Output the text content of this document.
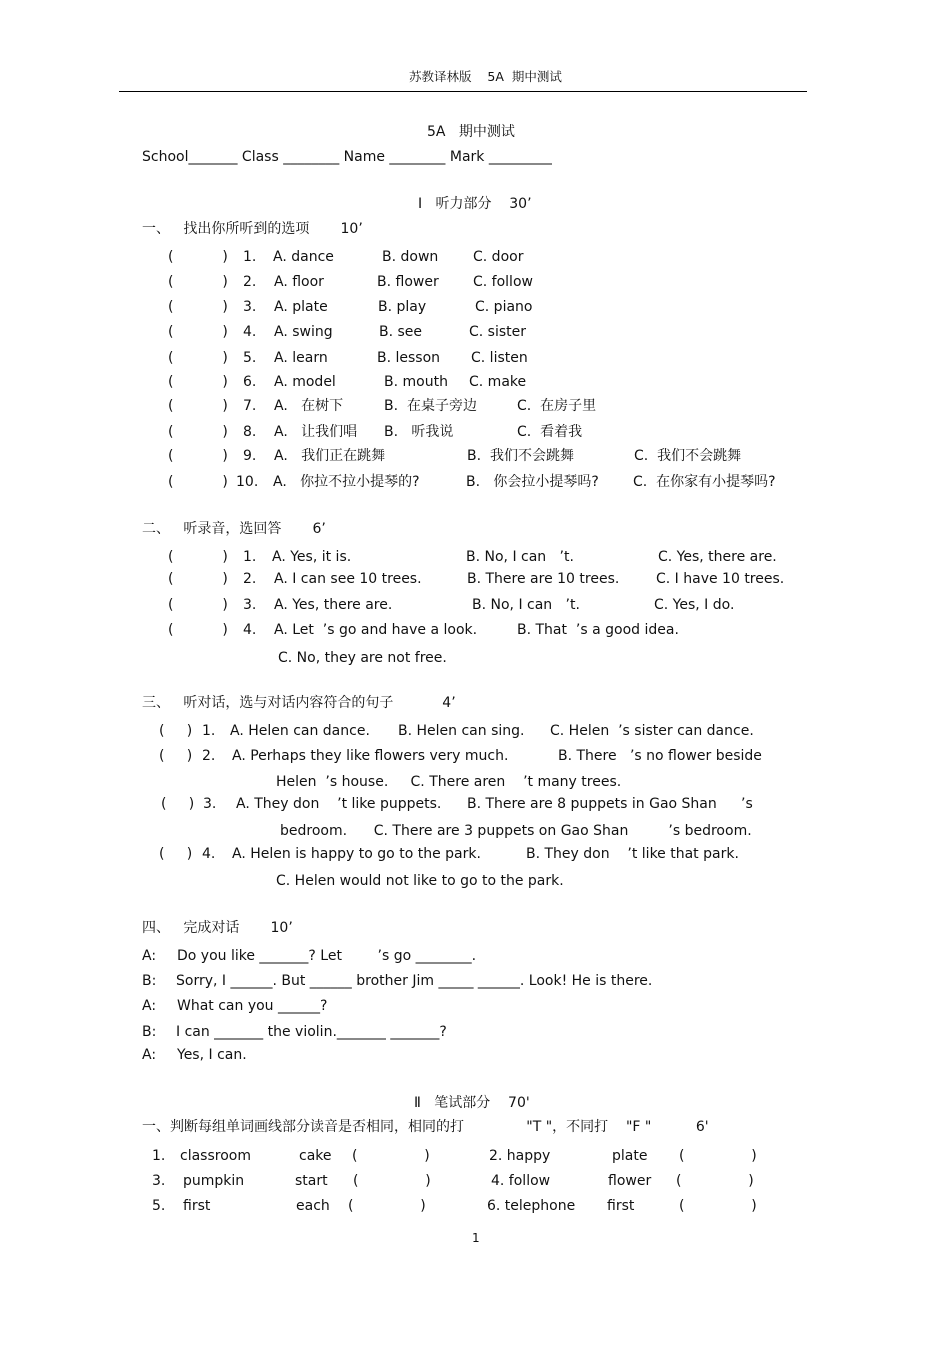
苏教译林版    5A  期中测试
5A   期中测试
School_______ Class ________ Name ________ Mark _________
Ⅰ   听力部分    30’
一、   找出你所听到的选项       10’
(           ) 1. A. dance	B. down C. door
(           ) 2. A. floor	B. flower C. follow
(           ) 3. A. plate	B. play	C. piano
(           ) 4. A. swing	B. see	C. sister
(           ) 5. A. learn	B. lesson C. listen
(           ) 6. A. model	B. mouth C. make
(           ) 7. A.   在树下	B.  在桌子旁边	C.  在房子里
(           ) 8. A.   让我们唱 B.   听我说	C.  看着我
(           ) 9. A.   我们正在跳舞	B.  我们不会跳舞	C.  我们不会跳舞
(           ) 10. A.   你拉不拉小提琴的?	B.   你会拉小提琴吗? C.  在你家有小提琴吗?
二、   听录音，选回答       6’
(           ) 1. A. Yes, it is.	B. No, I can   ’t.	C. Yes, there are.
(           ) 2. A. I can see 10 trees.	B. There are 10 trees.	C. I have 10 trees.
(           ) 3. A. Yes, there are.	B. No, I can   ’t.	C. Yes, I do.
(           ) 4. A. Let  ’s go and have a look.	B. That  ’s a good idea.
C. No, they are not free.
三、   听对话，选与对话内容符合的句子           4’
(     ) 1. A. Helen can dance. B. Helen can sing. C. Helen  ’s sister can dance.
(     ) 2. A. Perhaps they like flowers very much.	B. There   ’s no flower beside
Helen  ’s house.     C. There aren    ’t many trees.
(     ) 3. A. They don    ’t like puppets. B. There are 8 puppets in Gao Shan ’s
bedroom.      C. There are 3 puppets on Gao Shan         ’s bedroom.
(     ) 4. A. Helen is happy to go to the park.	B. They don    ’t like that park.
C. Helen would not like to go to the park.
四、   完成对话       10’
A: Do you like _______? Let        ’s go ________.
B: Sorry, I ______. But ______ brother Jim _____ ______. Look! He is there.
A: What can you ______?
B: I can _______ the violin._______ _______?
A: Yes, I can.
Ⅱ   笔试部分    70'
一、判断每组单词画线部分读音是否相同，相同的打              "T "，不同打    "F "          6'
1. classroom	cake (               )	2. happy	plate (               )
3. pumpkin	start (               )	4. follow	flower (               )
5. first	each (               )	6. telephone first	(               )
1
